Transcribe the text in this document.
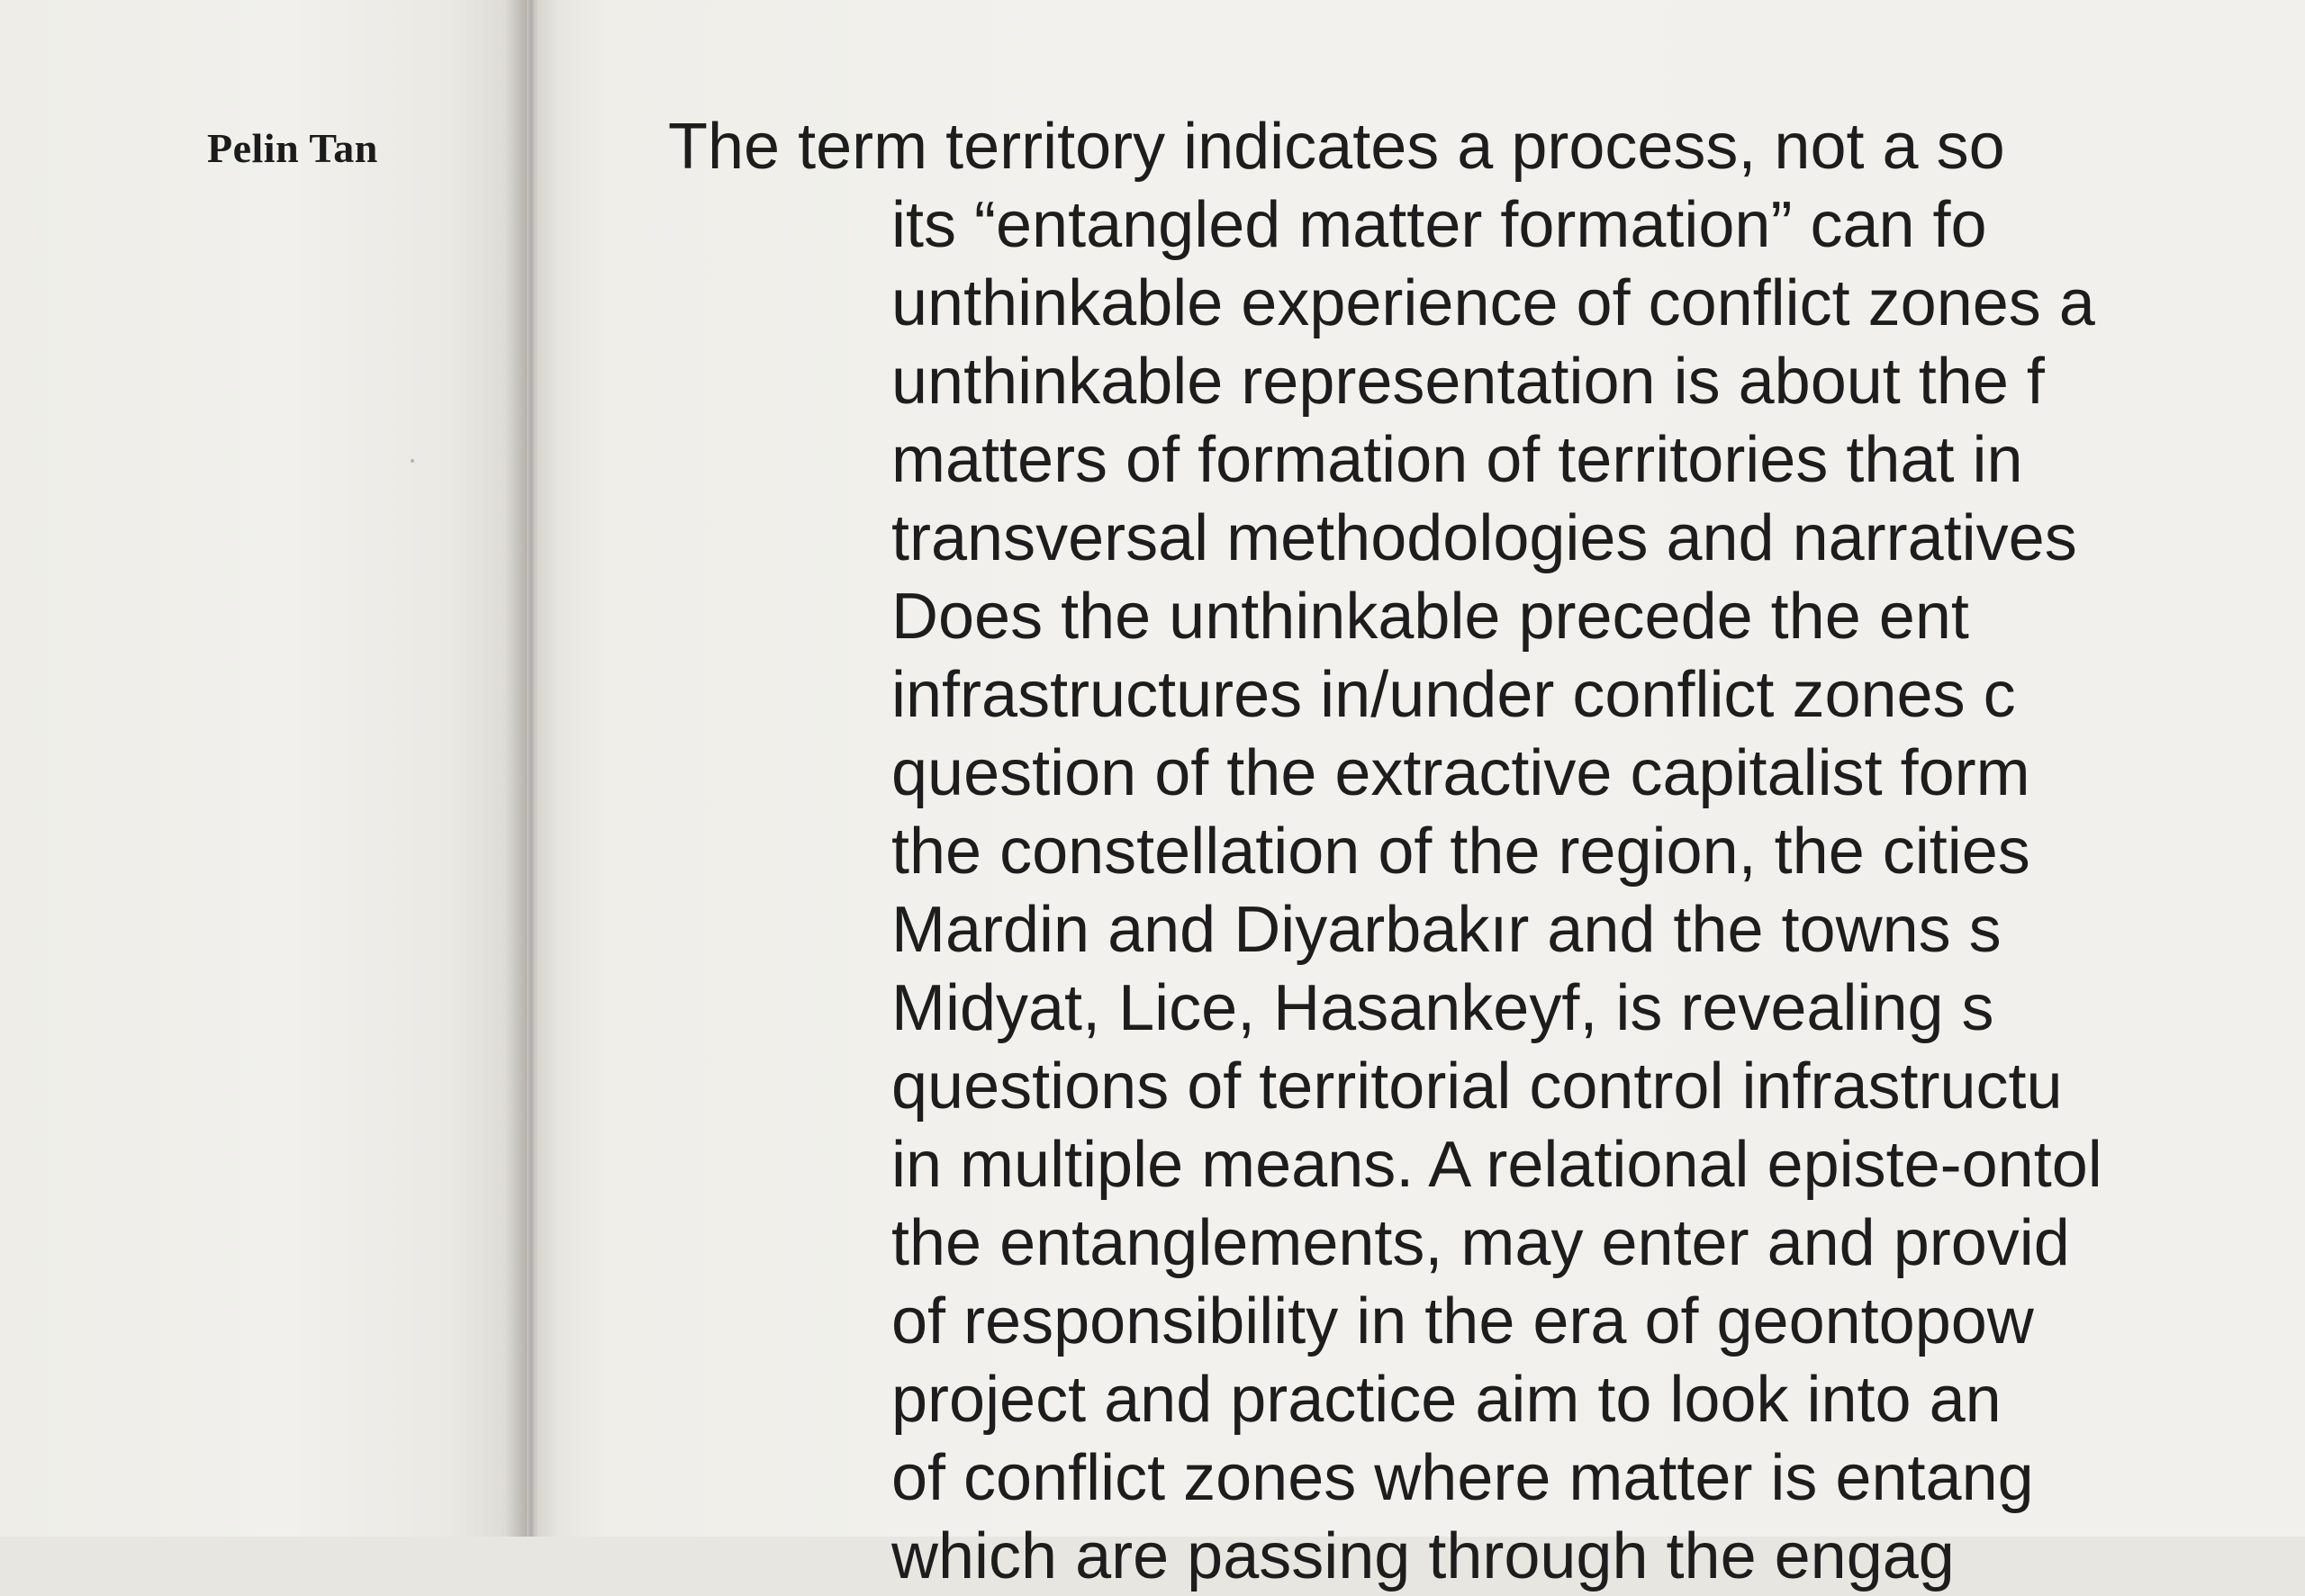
Pelin Tan	The term territory indicates a process, not a so
its “entangled matter formation” can fo
unthinkable experience of conflict zones a
unthinkable representation is about the f
matters of formation of territories that in
transversal methodologies and narratives
Does the unthinkable precede the ent
infrastructures in/under conflict zones c
question of the extractive capitalist form
the constellation of the region, the cities
Mardin and Diyarbakır and the towns s
Midyat, Lice, Hasankeyf, is revealing s
questions of territorial control infrastructu
in multiple means. A relational episte-ontol
the entanglements, may enter and provid
of responsibility in the era of geontopow
project and practice aim to look into an
of conflict zones where matter is entang
which are passing through the engag
